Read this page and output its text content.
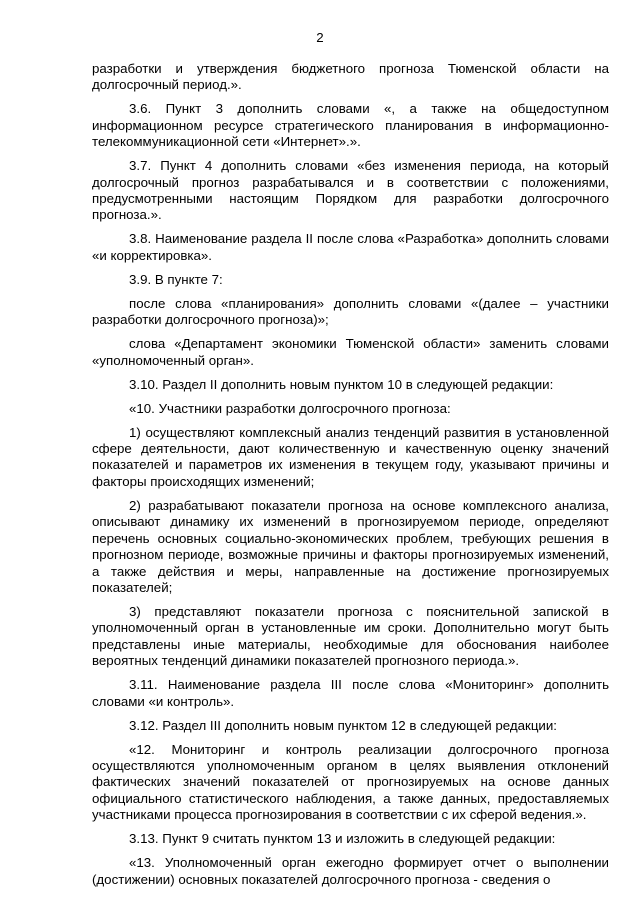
2

разработки и утверждения бюджетного прогноза Тюменской области на долгосрочный период.».

3.6. Пункт 3 дополнить словами «, а также на общедоступном информационном ресурсе стратегического планирования в информационно-телекоммуникационной сети «Интернет».».

3.7. Пункт 4 дополнить словами «без изменения периода, на который долгосрочный прогноз разрабатывался и в соответствии с положениями, предусмотренными настоящим Порядком для разработки долгосрочного прогноза.».

3.8. Наименование раздела II после слова «Разработка» дополнить словами «и корректировка».

3.9. В пункте 7:

после слова «планирования» дополнить словами «(далее – участники разработки долгосрочного прогноза)»;

слова «Департамент экономики Тюменской области» заменить словами «уполномоченный орган».

3.10. Раздел II дополнить новым пунктом 10 в следующей редакции:

«10. Участники разработки долгосрочного прогноза:

1) осуществляют комплексный анализ тенденций развития в установленной сфере деятельности, дают количественную и качественную оценку значений показателей и параметров их изменения в текущем году, указывают причины и факторы происходящих изменений;

2) разрабатывают показатели прогноза на основе комплексного анализа, описывают динамику их изменений в прогнозируемом периоде, определяют перечень основных социально-экономических проблем, требующих решения в прогнозном периоде, возможные причины и факторы прогнозируемых изменений, а также действия и меры, направленные на достижение прогнозируемых показателей;

3) представляют показатели прогноза с пояснительной запиской в уполномоченный орган в установленные им сроки. Дополнительно могут быть представлены иные материалы, необходимые для обоснования наиболее вероятных тенденций динамики показателей прогнозного периода.».

3.11. Наименование раздела III после слова «Мониторинг» дополнить словами «и контроль».

3.12. Раздел III дополнить новым пунктом 12 в следующей редакции:

«12. Мониторинг и контроль реализации долгосрочного прогноза осуществляются уполномоченным органом в целях выявления отклонений фактических значений показателей от прогнозируемых на основе данных официального статистического наблюдения, а также данных, предоставляемых участниками процесса прогнозирования в соответствии с их сферой ведения.».

3.13. Пункт 9 считать пунктом 13 и изложить в следующей редакции:

«13. Уполномоченный орган ежегодно формирует отчет о выполнении (достижении) основных показателей долгосрочного прогноза - сведения о
